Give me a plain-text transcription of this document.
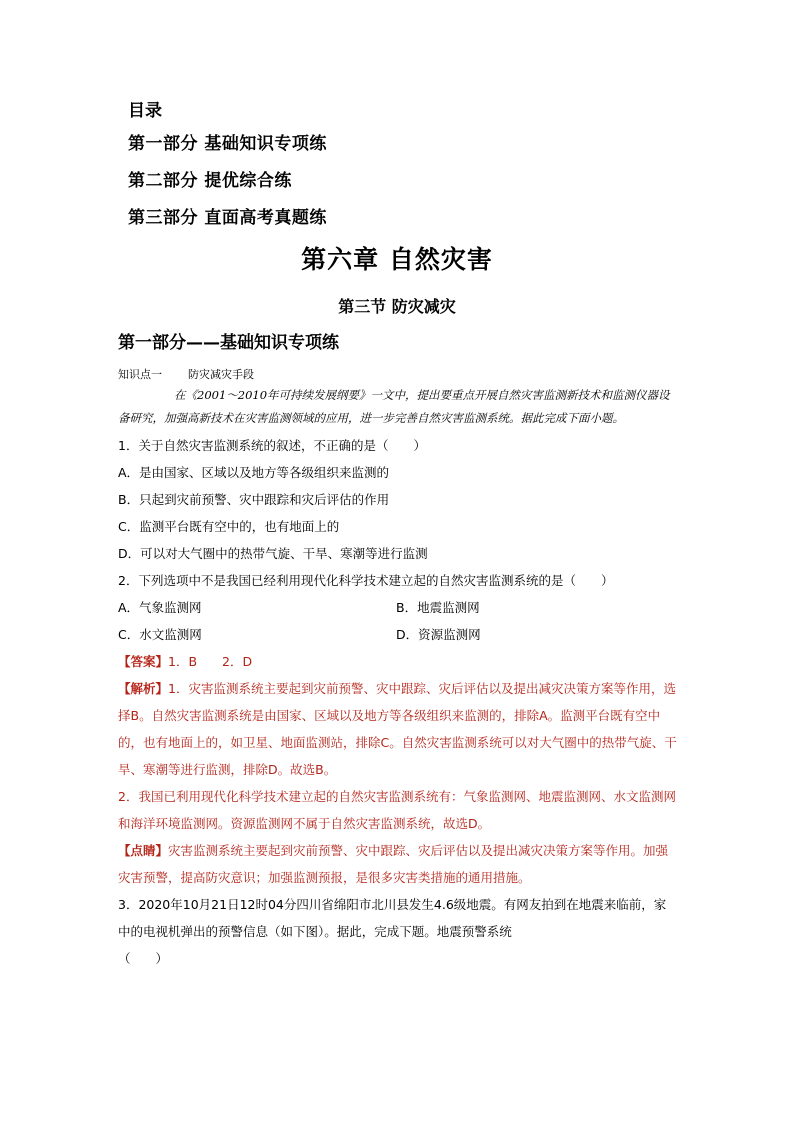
目录
第一部分 基础知识专项练
第二部分 提优综合练
第三部分 直面高考真题练
第六章 自然灾害
第三节 防灾减灾
第一部分——基础知识专项练
知识点一 防灾减灾手段
在《2001～2010年可持续发展纲要》一文中，提出要重点开展自然灾害监测新技术和监测仪器设备研究，加强高新技术在灾害监测领域的应用，进一步完善自然灾害监测系统。据此完成下面小题。
1．关于自然灾害监测系统的叙述，不正确的是（　　）
A．是由国家、区域以及地方等各级组织来监测的
B．只起到灾前预警、灾中跟踪和灾后评估的作用
C．监测平台既有空中的，也有地面上的
D．可以对大气圈中的热带气旋、干旱、寒潮等进行监测
2．下列选项中不是我国已经利用现代化科学技术建立起的自然灾害监测系统的是（　　）
A．气象监测网	B．地震监测网
C．水文监测网	D．资源监测网
【答案】1．B　　2．D
【解析】1．灾害监测系统主要起到灾前预警、灾中跟踪、灾后评估以及提出减灾决策方案等作用，选择B。自然灾害监测系统是由国家、区域以及地方等各级组织来监测的，排除A。监测平台既有空中的，也有地面上的，如卫星、地面监测站，排除C。自然灾害监测系统可以对大气圈中的热带气旋、干旱、寒潮等进行监测，排除D。故选B。
2．我国已利用现代化科学技术建立起的自然灾害监测系统有：气象监测网、地震监测网、水文监测网和海洋环境监测网。资源监测网不属于自然灾害监测系统，故选D。
【点睛】灾害监测系统主要起到灾前预警、灾中跟踪、灾后评估以及提出减灾决策方案等作用。加强灾害预警，提高防灾意识；加强监测预报，是很多灾害类措施的通用措施。
3．2020年10月21日12时04分四川省绵阳市北川县发生4.6级地震。有网友拍到在地震来临前，家中的电视机弹出的预警信息（如下图）。据此，完成下题。地震预警系统
（　　）
